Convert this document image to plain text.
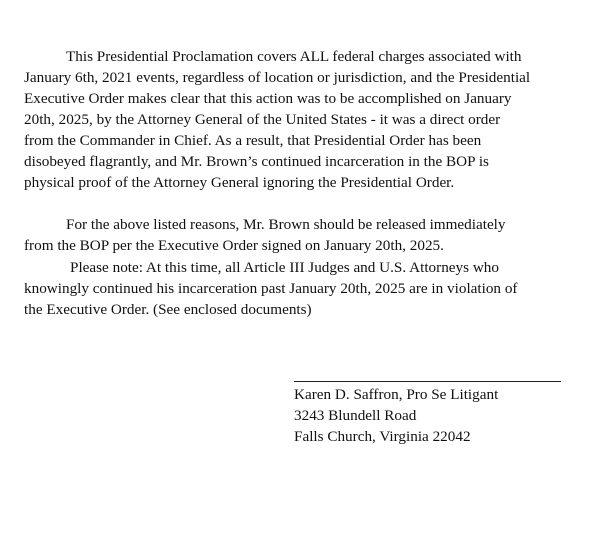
This Presidential Proclamation covers ALL federal charges associated with
January 6th, 2021 events, regardless of location or jurisdiction, and the Presidential
Executive Order makes clear that this action was to be accomplished on January
20th, 2025, by the Attorney General of the United States - it was a direct order
from the Commander in Chief. As a result, that Presidential Order has been
disobeyed flagrantly, and Mr. Brown’s continued incarceration in the BOP is
physical proof of the Attorney General ignoring the Presidential Order.
For the above listed reasons, Mr. Brown should be released immediately
from the BOP per the Executive Order signed on January 20th, 2025.
Please note: At this time, all Article III Judges and U.S. Attorneys who
knowingly continued his incarceration past January 20th, 2025 are in violation of
the Executive Order. (See enclosed documents)
Karen D. Saffron, Pro Se Litigant
3243 Blundell Road
Falls Church, Virginia 22042
